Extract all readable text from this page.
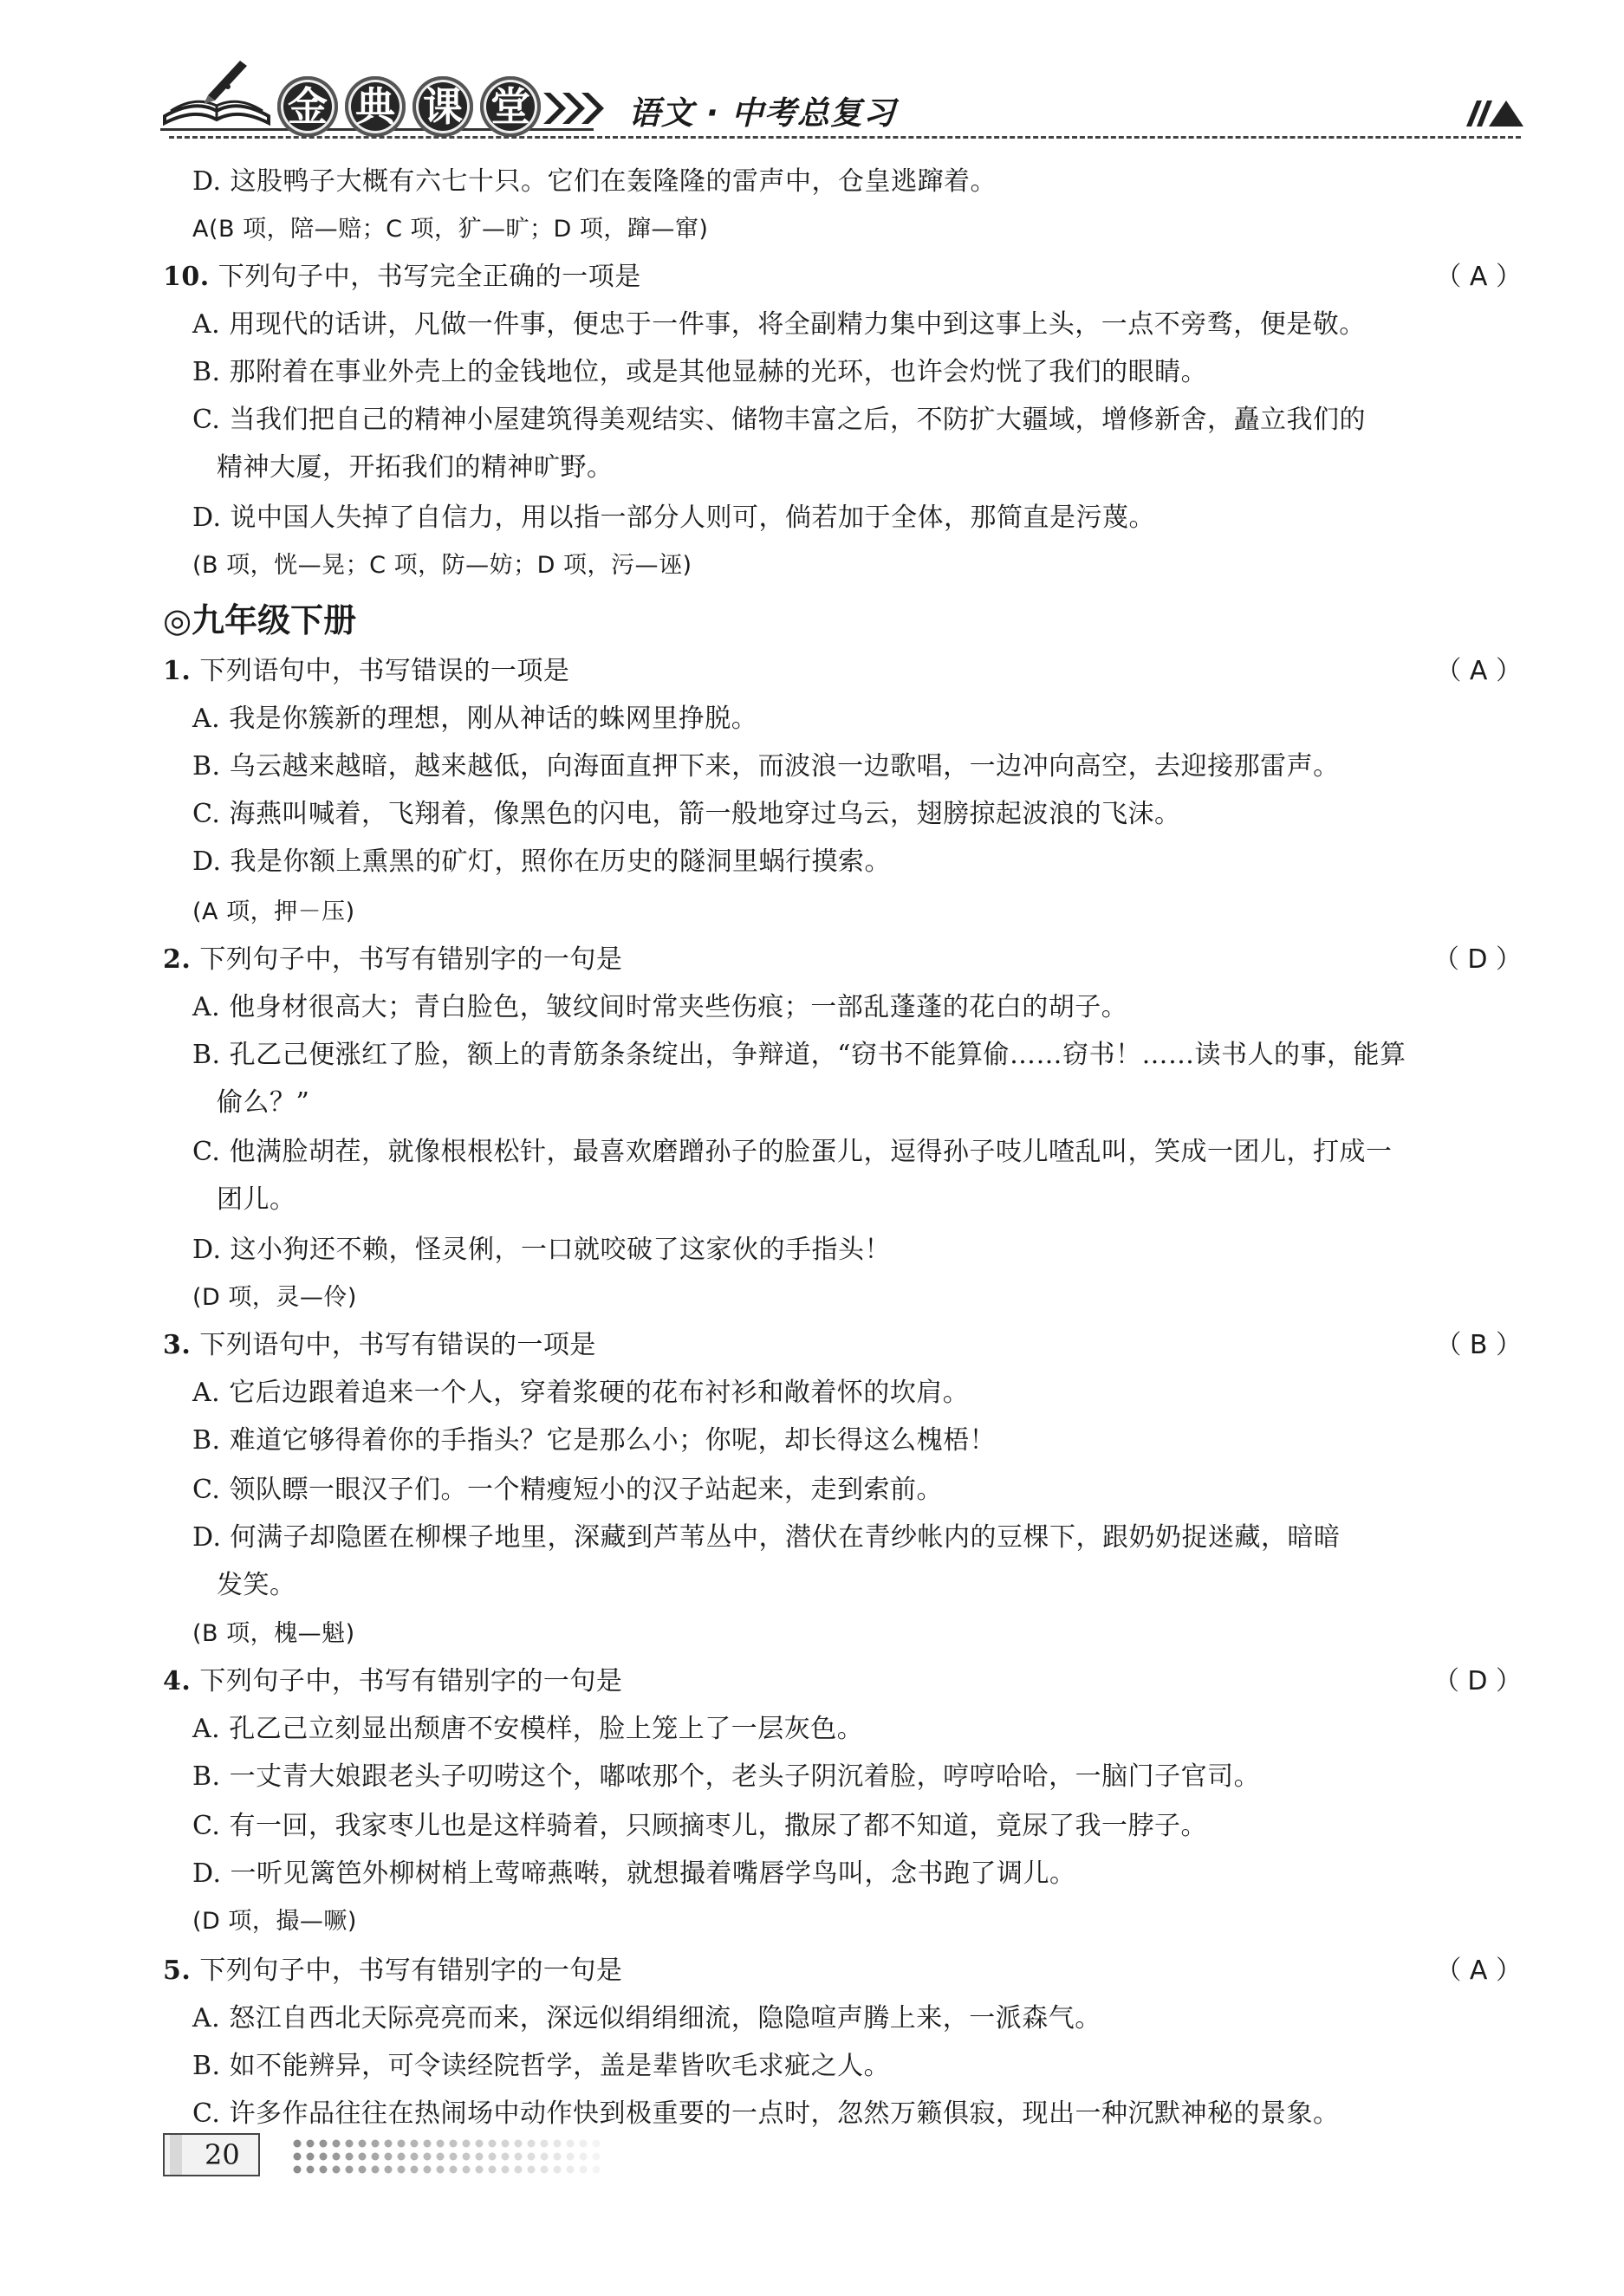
金 典 课 堂	语文 · 中考总复习
D. 这股鸭子大概有六七十只。它们在轰隆隆的雷声中，仓皇逃蹿着。
A(B 项，陪—赔；C 项，犷—旷；D 项，蹿—窜)
10. 下列句子中，书写完全正确的一项是	（ A ）
A. 用现代的话讲，凡做一件事，便忠于一件事，将全副精力集中到这事上头，一点不旁骛，便是敬。
B. 那附着在事业外壳上的金钱地位，或是其他显赫的光环，也许会灼恍了我们的眼睛。
C. 当我们把自己的精神小屋建筑得美观结实、储物丰富之后，不防扩大疆域，增修新舍，矗立我们的
精神大厦，开拓我们的精神旷野。
D. 说中国人失掉了自信力，用以指一部分人则可，倘若加于全体，那简直是污蔑。
(B 项，恍—晃；C 项，防—妨；D 项，污—诬)
◎九年级下册
1. 下列语句中，书写错误的一项是	（ A ）
A. 我是你簇新的理想，刚从神话的蛛网里挣脱。
B. 乌云越来越暗，越来越低，向海面直押下来，而波浪一边歌唱，一边冲向高空，去迎接那雷声。
C. 海燕叫喊着，飞翔着，像黑色的闪电，箭一般地穿过乌云，翅膀掠起波浪的飞沫。
D. 我是你额上熏黑的矿灯，照你在历史的隧洞里蜗行摸索。
(A 项，押－压)
2. 下列句子中，书写有错别字的一句是	（ D ）
A. 他身材很高大；青白脸色，皱纹间时常夹些伤痕；一部乱蓬蓬的花白的胡子。
B. 孔乙己便涨红了脸，额上的青筋条条绽出，争辩道，“窃书不能算偷……窃书！……读书人的事，能算
偷么？”
C. 他满脸胡茬，就像根根松针，最喜欢磨蹭孙子的脸蛋儿，逗得孙子吱儿喳乱叫，笑成一团儿，打成一
团儿。
D. 这小狗还不赖，怪灵俐，一口就咬破了这家伙的手指头！
(D 项，灵—伶)
3. 下列语句中，书写有错误的一项是	（ B ）
A. 它后边跟着追来一个人，穿着浆硬的花布衬衫和敞着怀的坎肩。
B. 难道它够得着你的手指头？它是那么小；你呢，却长得这么槐梧！
C. 领队瞟一眼汉子们。一个精瘦短小的汉子站起来，走到索前。
D. 何满子却隐匿在柳棵子地里，深藏到芦苇丛中，潜伏在青纱帐内的豆棵下，跟奶奶捉迷藏，暗暗
发笑。
(B 项，槐—魁)
4. 下列句子中，书写有错别字的一句是	（ D ）
A. 孔乙己立刻显出颓唐不安模样，脸上笼上了一层灰色。
B. 一丈青大娘跟老头子叨唠这个，嘟哝那个，老头子阴沉着脸，哼哼哈哈，一脑门子官司。
C. 有一回，我家枣儿也是这样骑着，只顾摘枣儿，撒尿了都不知道，竟尿了我一脖子。
D. 一听见篱笆外柳树梢上莺啼燕啭，就想撮着嘴唇学鸟叫，念书跑了调儿。
(D 项，撮—噘)
5. 下列句子中，书写有错别字的一句是	（ A ）
A. 怒江自西北天际亮亮而来，深远似绢绢细流，隐隐喧声腾上来，一派森气。
B. 如不能辨异，可令读经院哲学，盖是辈皆吹毛求疵之人。
C. 许多作品往往在热闹场中动作快到极重要的一点时，忽然万籁俱寂，现出一种沉默神秘的景象。
20
